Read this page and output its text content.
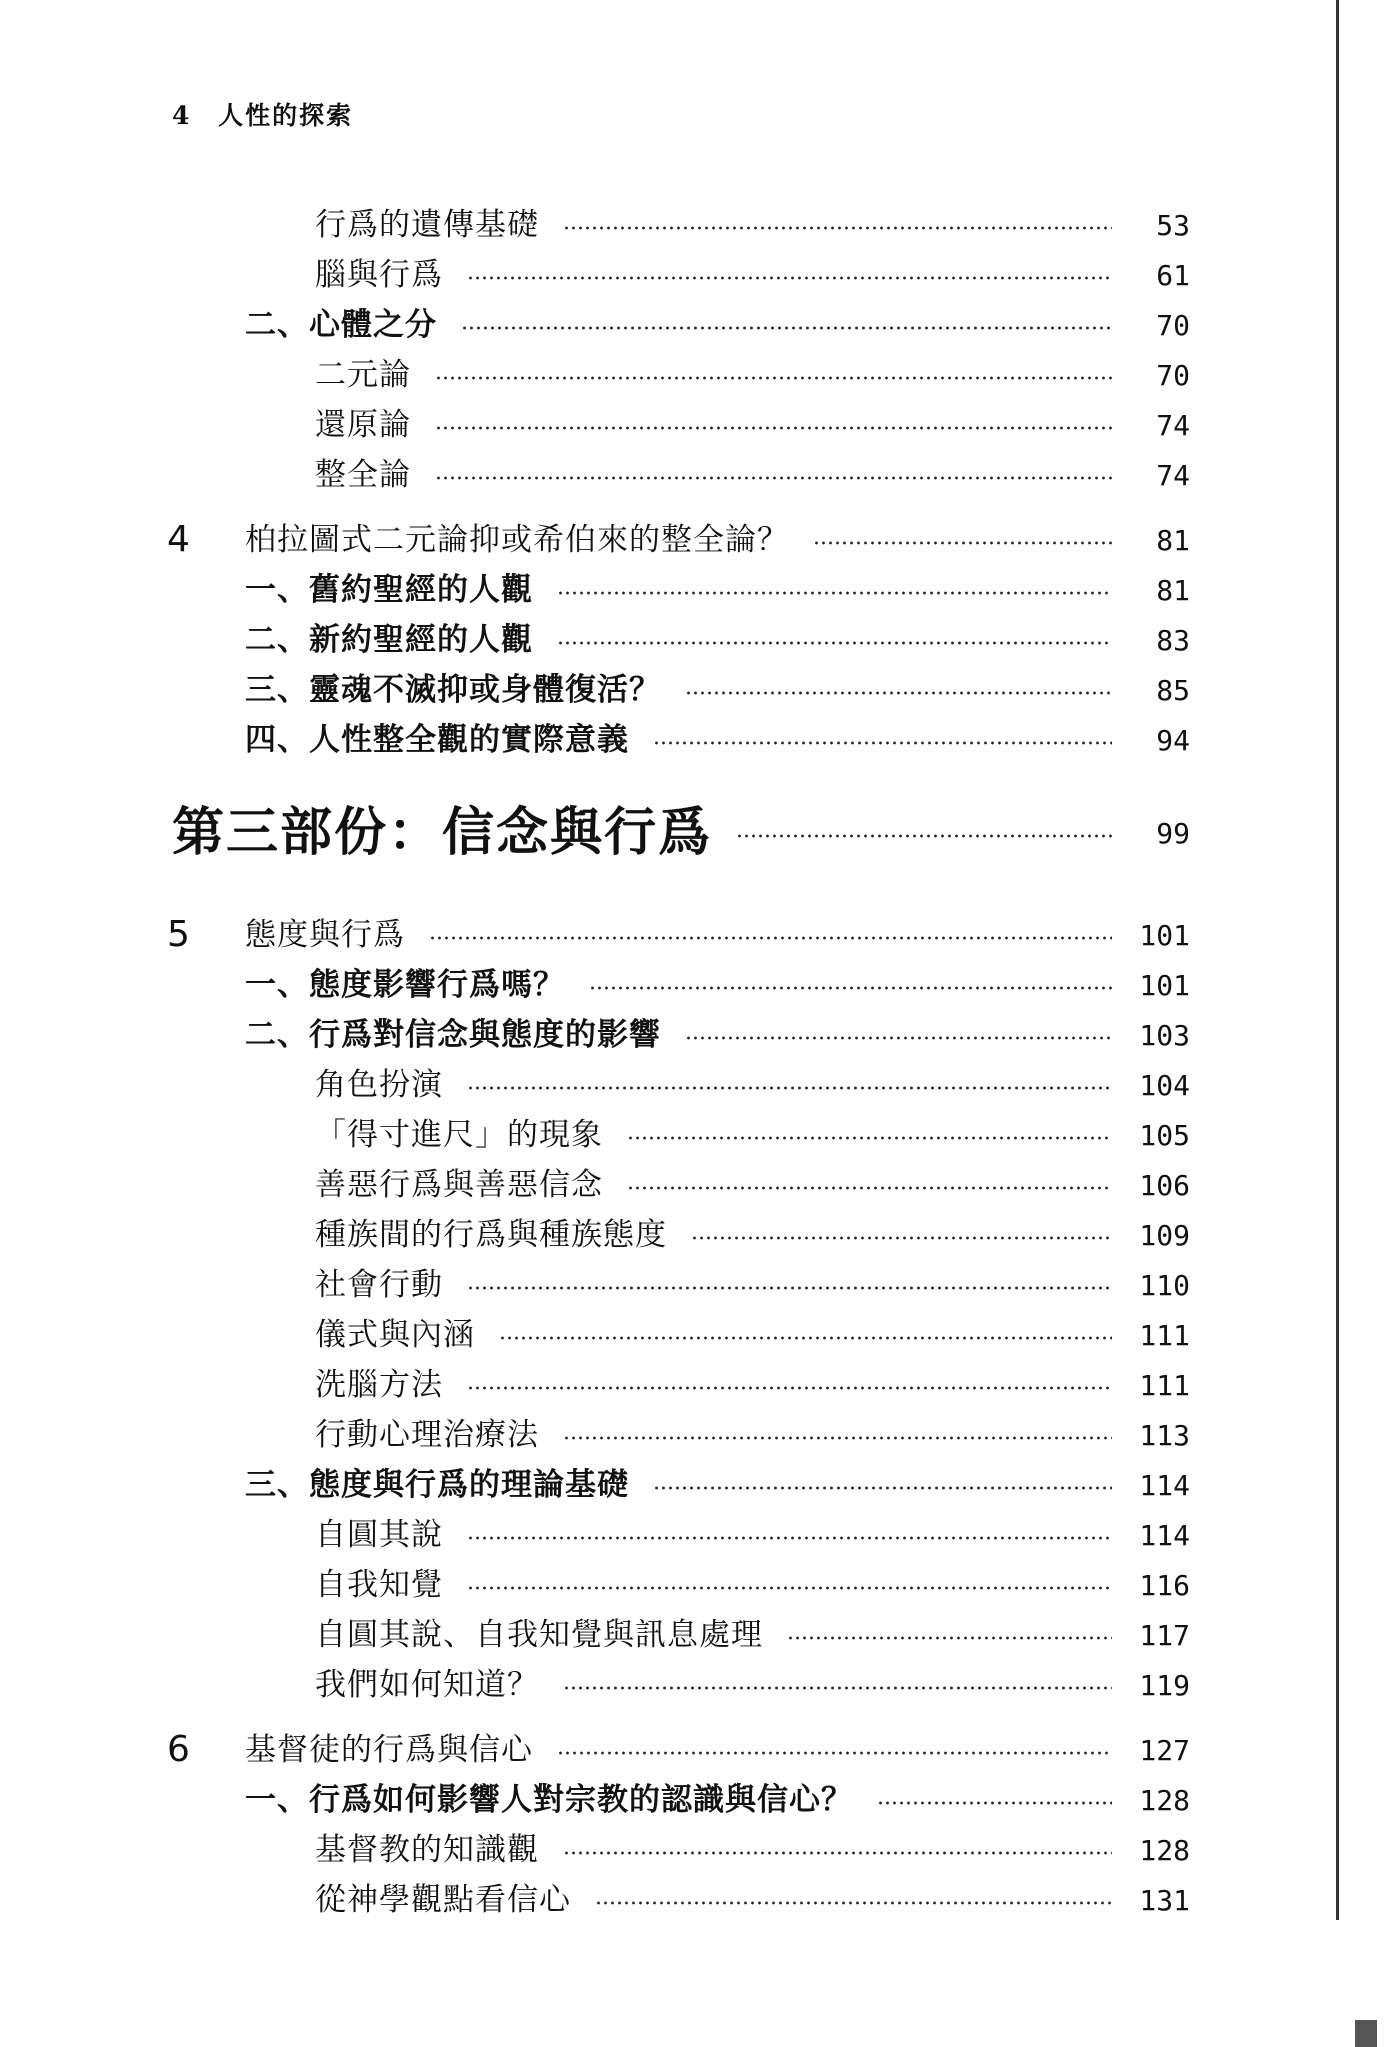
4 人性的探索
行爲的遺傳基礎	53
腦與行爲	61
二、心體之分	70
二元論	70
還原論	74
整全論	74
4	柏拉圖式二元論抑或希伯來的整全論？	81
一、舊約聖經的人觀	81
二、新約聖經的人觀	83
三、靈魂不滅抑或身體復活？	85
四、人性整全觀的實際意義	94
第三部份：信念與行爲	99
5	態度與行爲	101
一、態度影響行爲嗎？	101
二、行爲對信念與態度的影響	103
角色扮演	104
「得寸進尺」的現象	105
善惡行爲與善惡信念	106
種族間的行爲與種族態度	109
社會行動	110
儀式與內涵	111
洗腦方法	111
行動心理治療法	113
三、態度與行爲的理論基礎	114
自圓其說	114
自我知覺	116
自圓其說、自我知覺與訊息處理	117
我們如何知道？	119
6	基督徒的行爲與信心	127
一、行爲如何影響人對宗教的認識與信心？	128
基督教的知識觀	128
從神學觀點看信心	131
